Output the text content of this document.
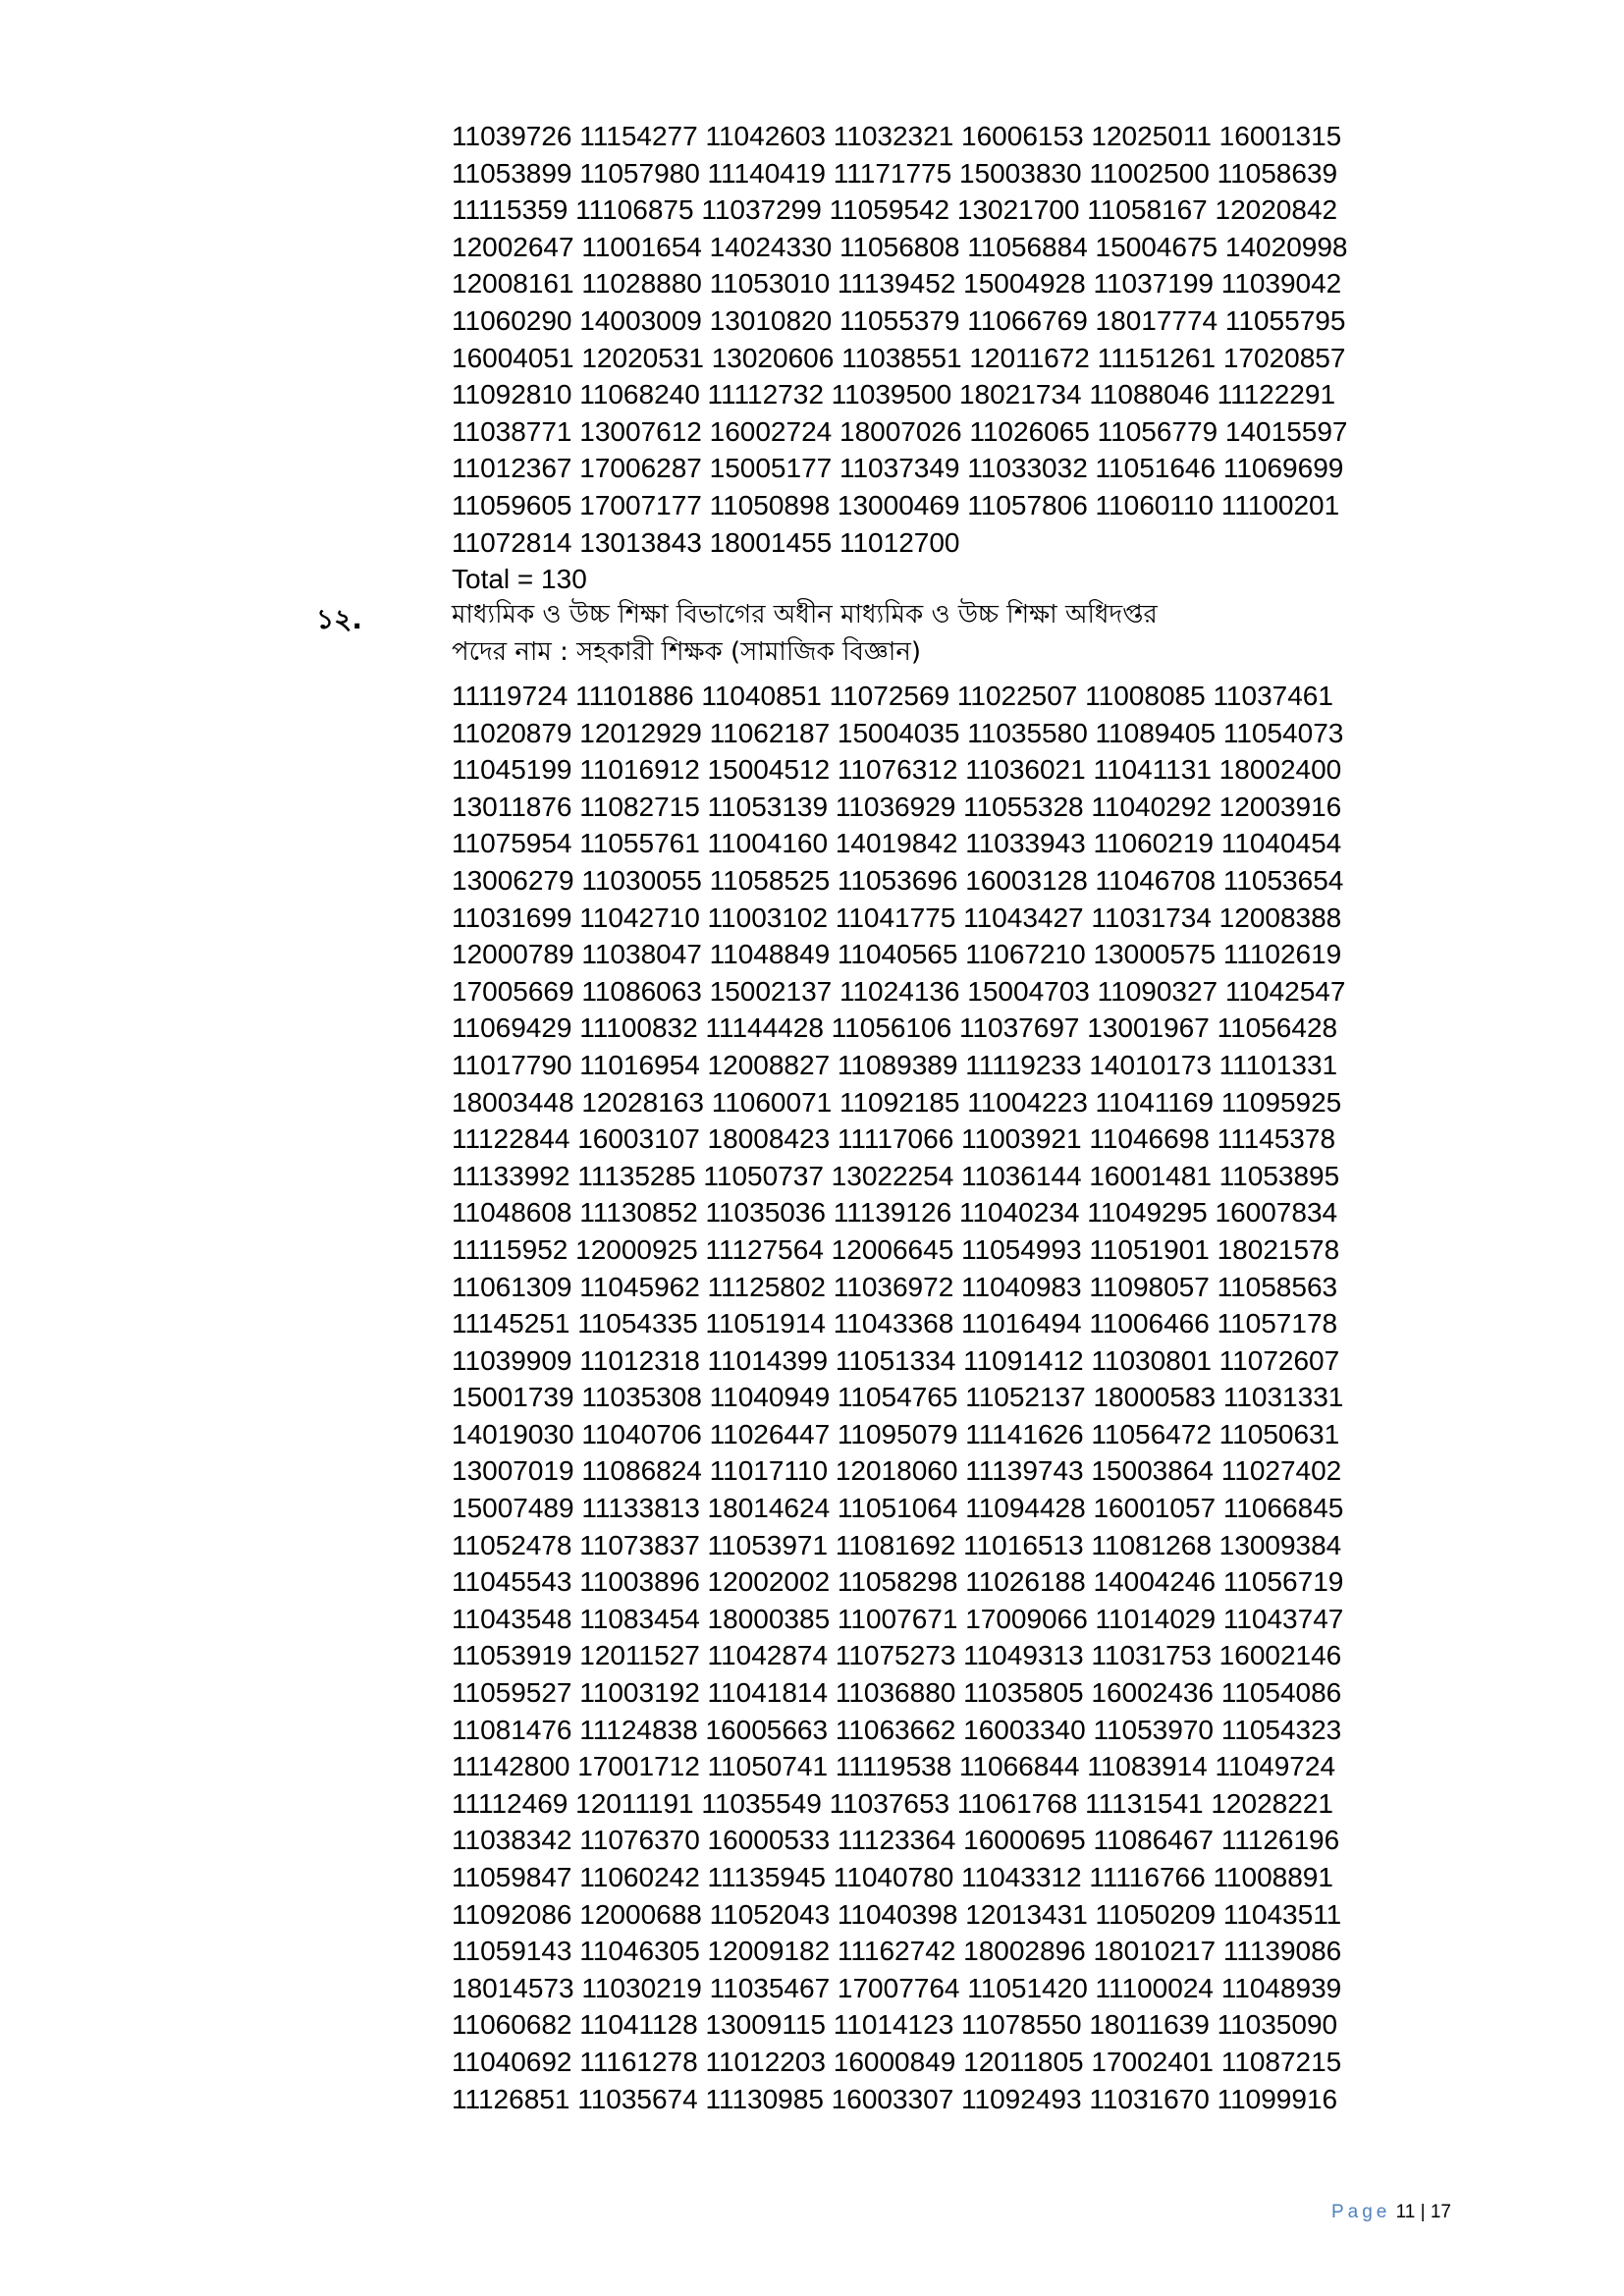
11039726 11154277 11042603 11032321 16006153 12025011 16001315
11053899 11057980 11140419 11171775 15003830 11002500 11058639
11115359 11106875 11037299 11059542 13021700 11058167 12020842
12002647 11001654 14024330 11056808 11056884 15004675 14020998
12008161 11028880 11053010 11139452 15004928 11037199 11039042
11060290 14003009 13010820 11055379 11066769 18017774 11055795
16004051 12020531 13020606 11038551 12011672 11151261 17020857
11092810 11068240 11112732 11039500 18021734 11088046 11122291
11038771 13007612 16002724 18007026 11026065 11056779 14015597
11012367 17006287 15005177 11037349 11033032 11051646 11069699
11059605 17007177 11050898 13000469 11057806 11060110 11100201
11072814 13013843 18001455 11012700
Total = 130
১২.	মাধ্যমিক ও উচ্চ শিক্ষা বিভাগের অধীন মাধ্যমিক ও উচ্চ শিক্ষা অধিদপ্তর
পদের নাম : সহকারী শিক্ষক (সামাজিক বিজ্ঞান)
11119724 11101886 11040851 11072569 11022507 11008085 11037461
11020879 12012929 11062187 15004035 11035580 11089405 11054073
11045199 11016912 15004512 11076312 11036021 11041131 18002400
13011876 11082715 11053139 11036929 11055328 11040292 12003916
11075954 11055761 11004160 14019842 11033943 11060219 11040454
13006279 11030055 11058525 11053696 16003128 11046708 11053654
11031699 11042710 11003102 11041775 11043427 11031734 12008388
12000789 11038047 11048849 11040565 11067210 13000575 11102619
17005669 11086063 15002137 11024136 15004703 11090327 11042547
11069429 11100832 11144428 11056106 11037697 13001967 11056428
11017790 11016954 12008827 11089389 11119233 14010173 11101331
18003448 12028163 11060071 11092185 11004223 11041169 11095925
11122844 16003107 18008423 11117066 11003921 11046698 11145378
11133992 11135285 11050737 13022254 11036144 16001481 11053895
11048608 11130852 11035036 11139126 11040234 11049295 16007834
11115952 12000925 11127564 12006645 11054993 11051901 18021578
11061309 11045962 11125802 11036972 11040983 11098057 11058563
11145251 11054335 11051914 11043368 11016494 11006466 11057178
11039909 11012318 11014399 11051334 11091412 11030801 11072607
15001739 11035308 11040949 11054765 11052137 18000583 11031331
14019030 11040706 11026447 11095079 11141626 11056472 11050631
13007019 11086824 11017110 12018060 11139743 15003864 11027402
15007489 11133813 18014624 11051064 11094428 16001057 11066845
11052478 11073837 11053971 11081692 11016513 11081268 13009384
11045543 11003896 12002002 11058298 11026188 14004246 11056719
11043548 11083454 18000385 11007671 17009066 11014029 11043747
11053919 12011527 11042874 11075273 11049313 11031753 16002146
11059527 11003192 11041814 11036880 11035805 16002436 11054086
11081476 11124838 16005663 11063662 16003340 11053970 11054323
11142800 17001712 11050741 11119538 11066844 11083914 11049724
11112469 12011191 11035549 11037653 11061768 11131541 12028221
11038342 11076370 16000533 11123364 16000695 11086467 11126196
11059847 11060242 11135945 11040780 11043312 11116766 11008891
11092086 12000688 11052043 11040398 12013431 11050209 11043511
11059143 11046305 12009182 11162742 18002896 18010217 11139086
18014573 11030219 11035467 17007764 11051420 11100024 11048939
11060682 11041128 13009115 11014123 11078550 18011639 11035090
11040692 11161278 11012203 16000849 12011805 17002401 11087215
11126851 11035674 11130985 16003307 11092493 11031670 11099916
Page 11 | 17
